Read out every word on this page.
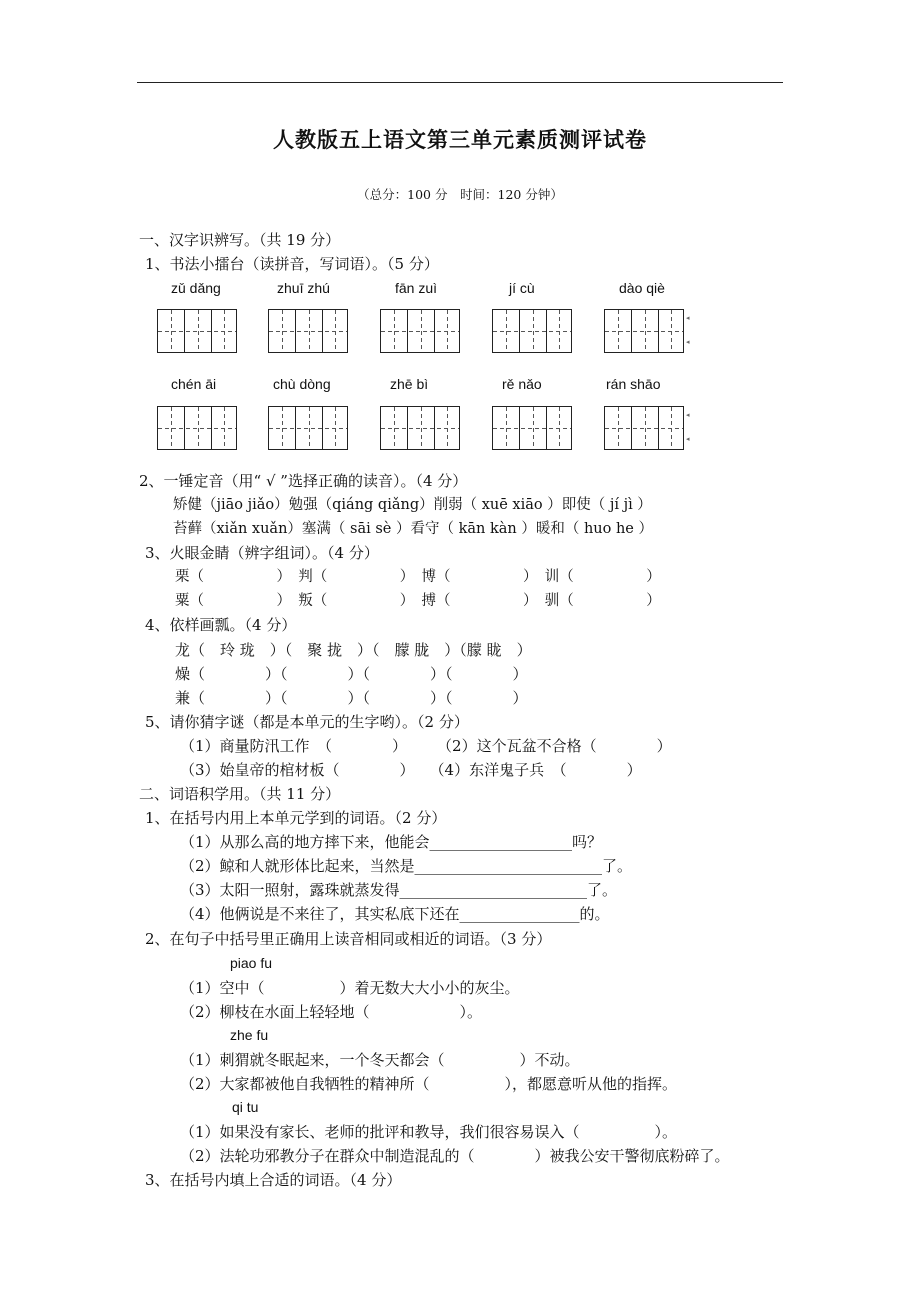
人教版五上语文第三单元素质测评试卷
（总分：100 分　时间：120 分钟）
一、汉字识辨写。（共 19 分）
1、书法小擂台（读拼音，写词语）。（5 分）
zǔ dǎng	zhuī zhú	fān zuì	jí cù	dào qiè
◂
◂
chén āi	chù dòng	zhē bì	rě nǎo	rán shāo
◂
◂
2、一锤定音（用“ √ ”选择正确的读音）。（4 分）
矫健（jiāo jiǎo）勉强（qiáng qiǎng）削弱（ xuē xiāo ）即使（ jí jì ）
苔藓（xiǎn xuǎn）塞满（ sāi sè ）看守（ kān kàn ）暖和（ huo he ）
3、火眼金睛（辨字组词）。（4 分）
栗（　　　　　）　判（　　　　　）　博（　　　　　）　训（　　　　　）
粟（　　　　　）　叛（　　　　　）　搏（　　　　　）　驯（　　　　　）
4、依样画瓢。（4 分）
龙（　玲 珑　）（　聚 拢　）（　朦 胧　）（朦 眬　）
燥（　　　　）（　　　　）（　　　　）（　　　　）
兼（　　　　）（　　　　）（　　　　）（　　　　）
5、请你猜字谜（都是本单元的生字哟）。（2 分）
（1）商量防汛工作　（　　　　）　　　（2）这个瓦盆不合格（　　　　）
（3）始皇帝的棺材板（　　　　）　　（4）东洋鬼子兵　（　　　　）
二、词语积学用。（共 11 分）
1、在括号内用上本单元学到的词语。（2 分）
（1）从那么高的地方摔下来，他能会___________________吗？
（2）鲸和人就形体比起来，当然是_________________________了。
（3）太阳一照射，露珠就蒸发得_________________________了。
（4）他俩说是不来往了，其实私底下还在________________的。
2、在句子中括号里正确用上读音相同或相近的词语。（3 分）
piao fu
（1）空中（　　　　　）着无数大大小小的灰尘。
（2）柳枝在水面上轻轻地（　　　　　　）。
zhe fu
（1）刺猬就冬眠起来，一个冬天都会（　　　　　）不动。
（2）大家都被他自我牺牲的精神所（　　　　　），都愿意听从他的指挥。
qi tu
（1）如果没有家长、老师的批评和教导，我们很容易误入（　　　　　）。
（2）法轮功邪教分子在群众中制造混乱的（　　　　）被我公安干警彻底粉碎了。
3、在括号内填上合适的词语。（4 分）
